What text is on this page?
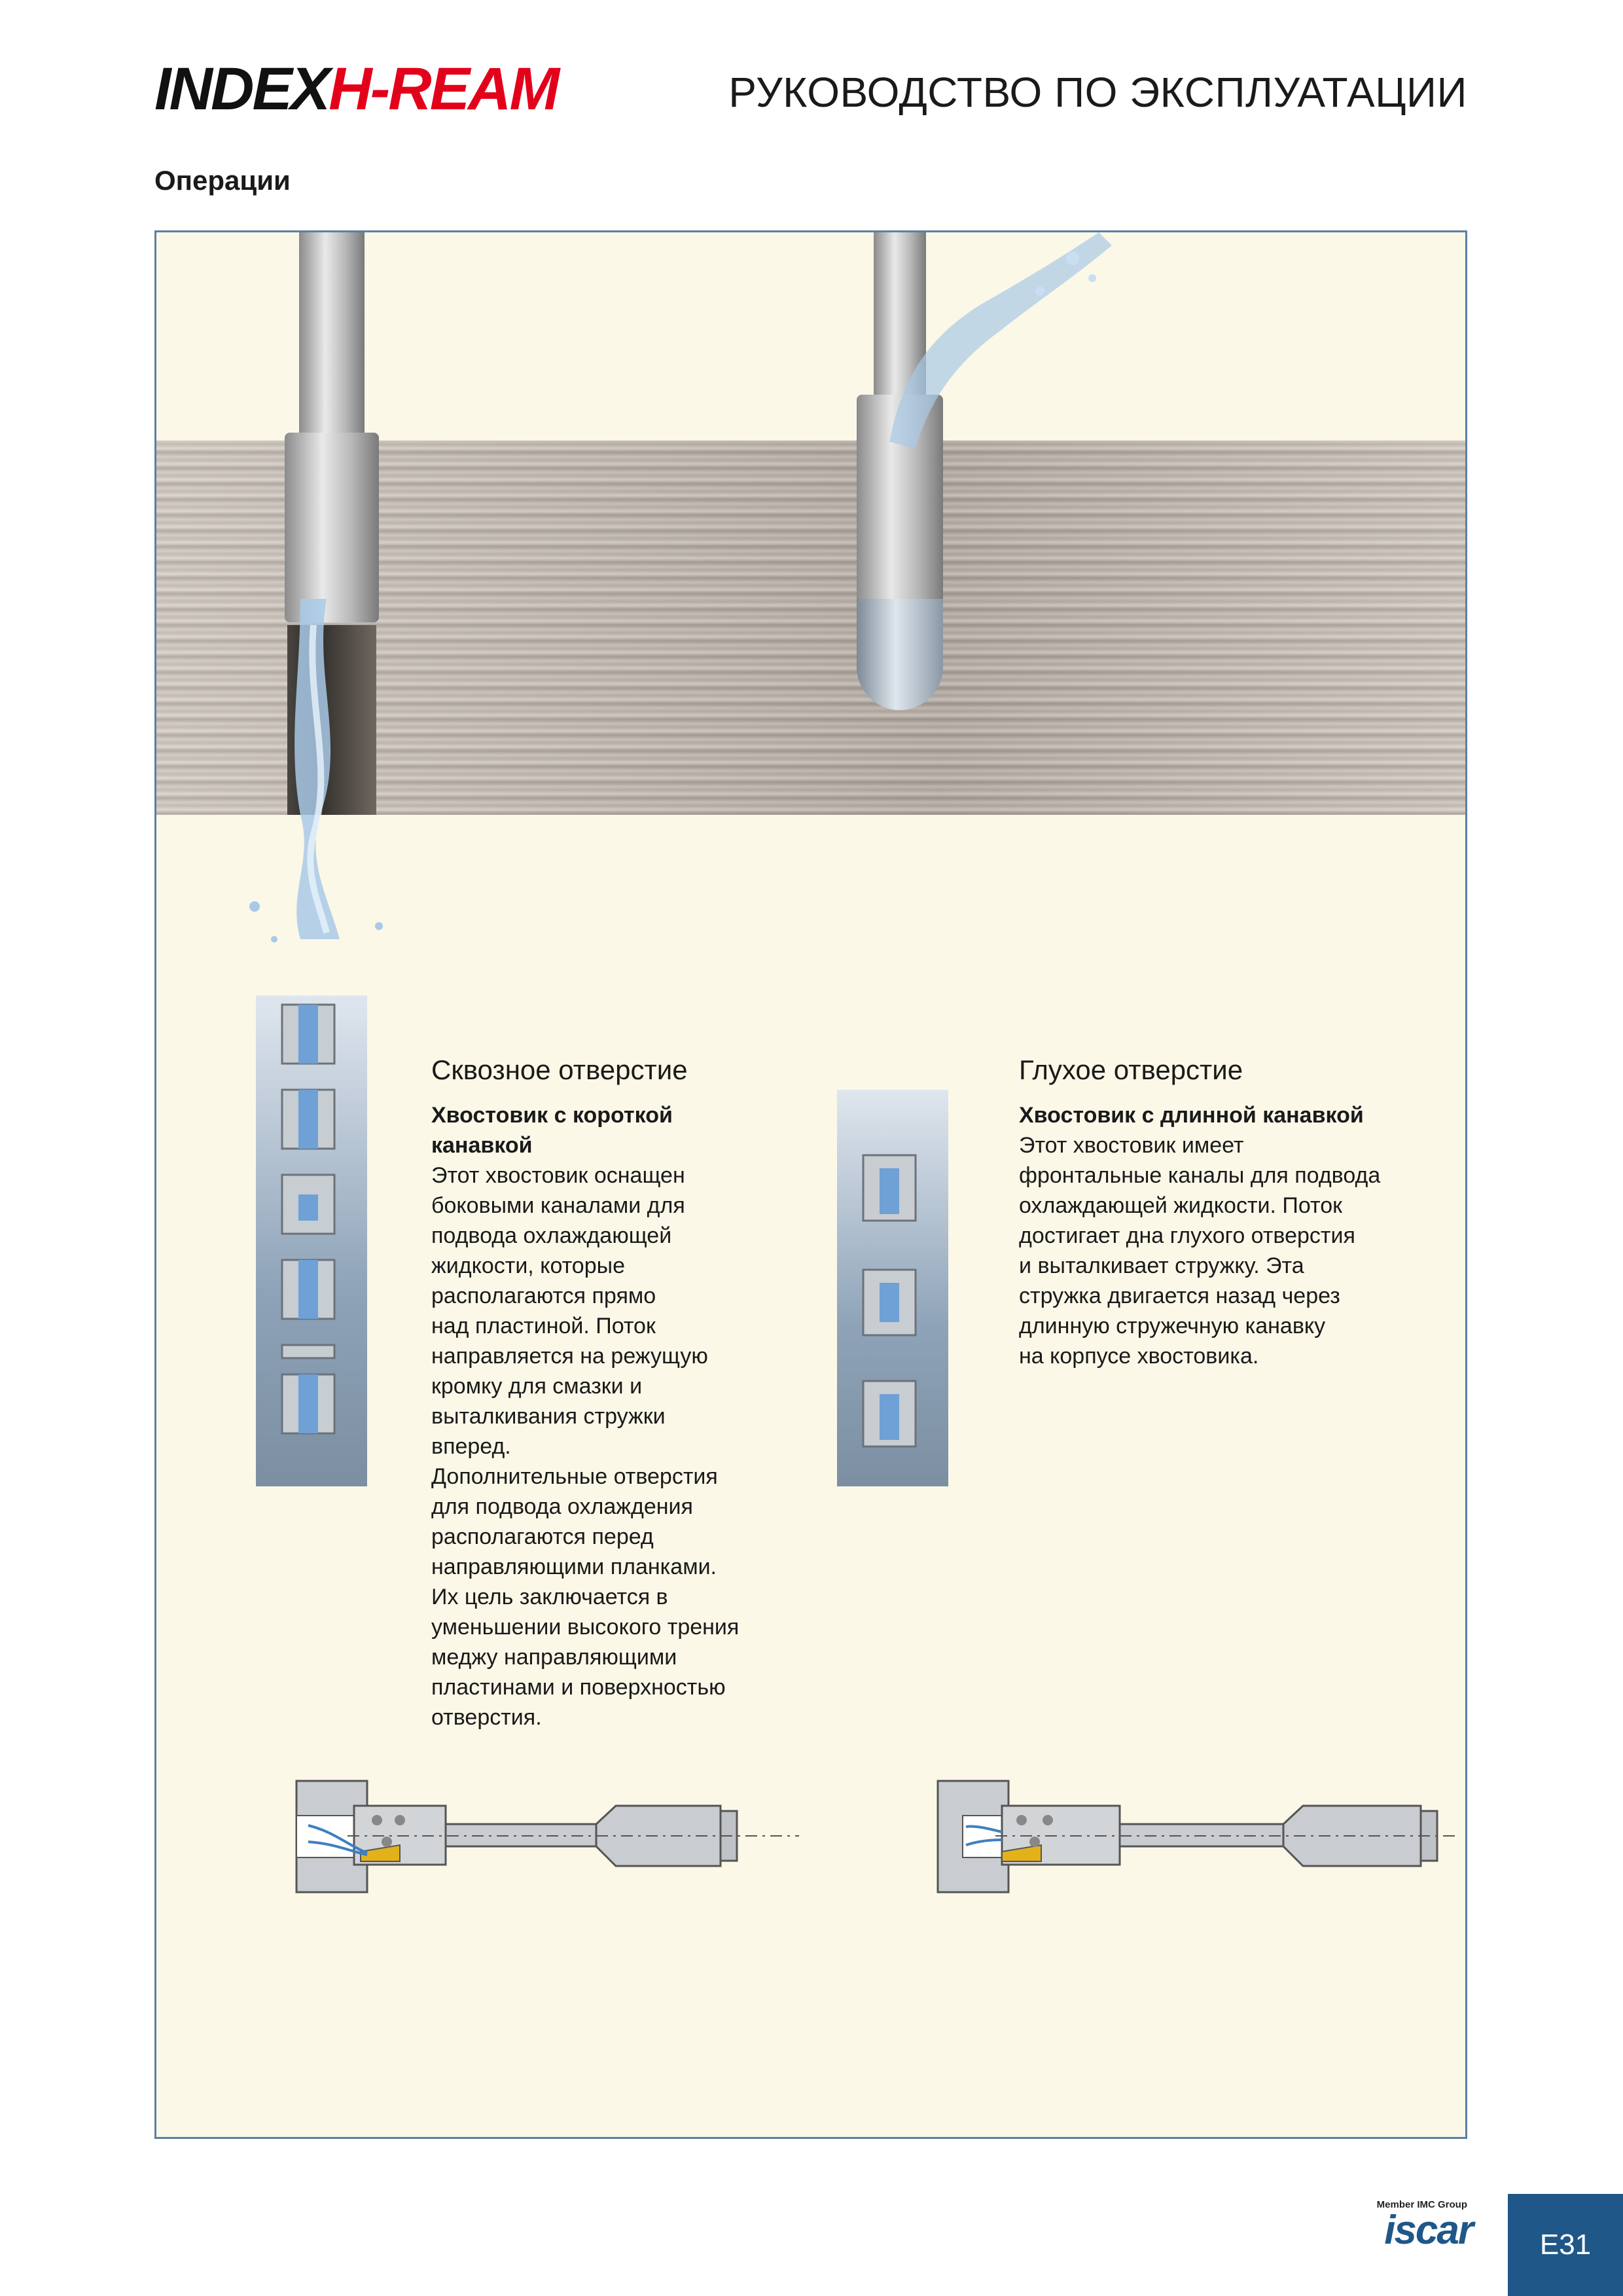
INDEXH-REAM	РУКОВОДСТВО ПО ЭКСПЛУАТАЦИИ
Операции
Сквозное отверстие
Хвостовик с короткой
канавкой
Этот хвостовик оснащен
боковыми каналами для
подвода охлаждающей
жидкости, которые
располагаются прямо
над пластиной. Поток
направляется на режущую
кромку для смазки и
выталкивания стружки
вперед.
Дополнительные отверстия
для подвода охлаждения
располагаются перед
направляющими планками.
Их цель заключается в
уменьшении высокого трения
меджу направляющими
пластинами и поверхностью
отверстия.
Глухое отверстие
Хвостовик с длинной канавкой
Этот хвостовик имеет
фронтальные каналы для подвода
охлаждающей жидкости. Поток
достигает дна глухого отверстия
и выталкивает стружку. Эта
стружка двигается назад через
длинную стружечную канавку
на корпусе хвостовика.
Member IMC Group
iscar	E31
